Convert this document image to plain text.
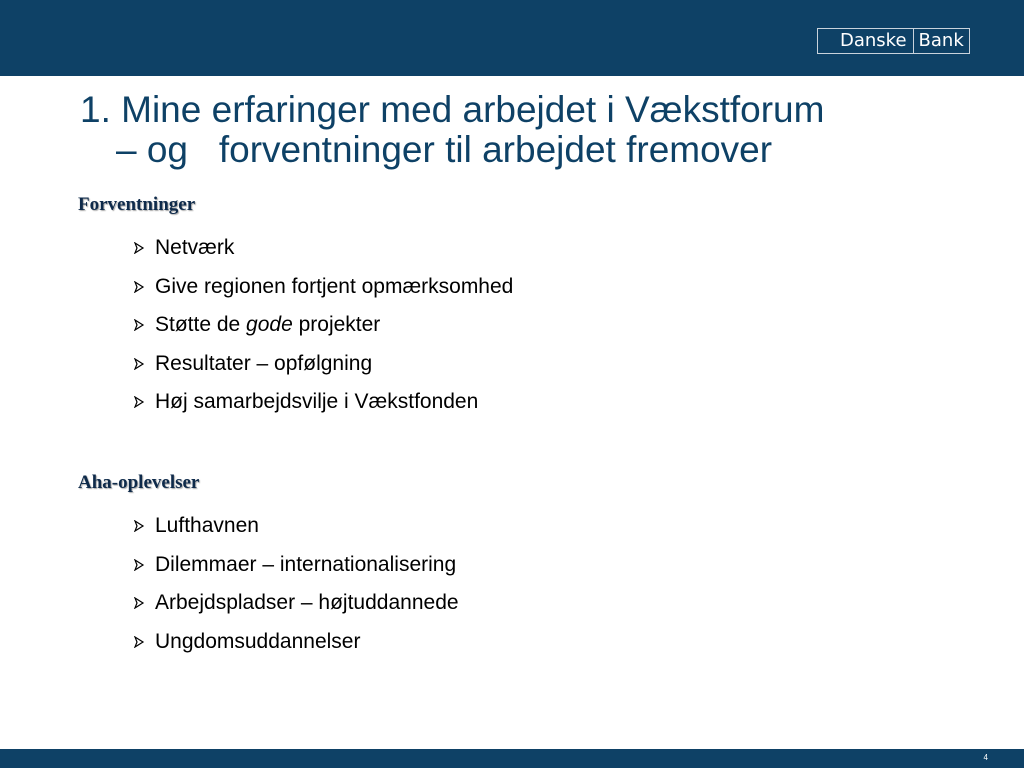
Danske Bank
1. Mine erfaringer med arbejdet i Vækstforum
– og   forventninger til arbejdet fremover
Forventninger
Netværk
Give regionen fortjent opmærksomhed
Støtte de gode projekter
Resultater – opfølgning
Høj samarbejdsvilje i Vækstfonden
Aha-oplevelser
Lufthavnen
Dilemmaer – internationalisering
Arbejdspladser – højtuddannede
Ungdomsuddannelser
4
